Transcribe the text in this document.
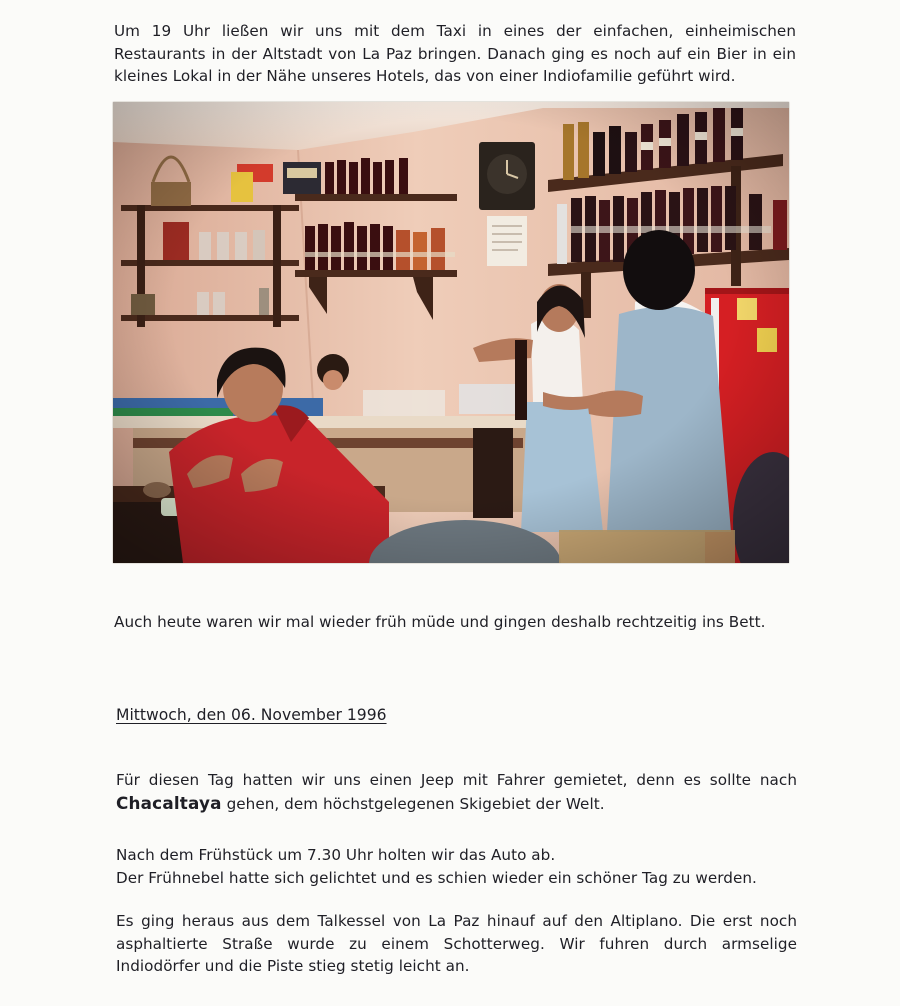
Um 19 Uhr ließen wir uns mit dem Taxi in eines der einfachen, einheimischen Restaurants in der Altstadt von La Paz bringen. Danach ging es noch auf ein Bier in ein kleines Lokal in der Nähe unseres Hotels, das von einer Indiofamilie geführt wird.

Auch heute waren wir mal wieder früh müde und gingen deshalb rechtzeitig ins Bett.

Mittwoch, den 06. November 1996

Für diesen Tag hatten wir uns einen Jeep mit Fahrer gemietet, denn es sollte nach Chacaltaya gehen, dem höchstgelegenen Skigebiet der Welt.

Nach dem Frühstück um 7.30 Uhr holten wir das Auto ab.
Der Frühnebel hatte sich gelichtet und es schien wieder ein schöner Tag zu werden.

Es ging heraus aus dem Talkessel von La Paz hinauf auf den Altiplano. Die erst noch asphaltierte Straße wurde zu einem Schotterweg. Wir fuhren durch armselige Indiodörfer und die Piste stieg stetig leicht an.
